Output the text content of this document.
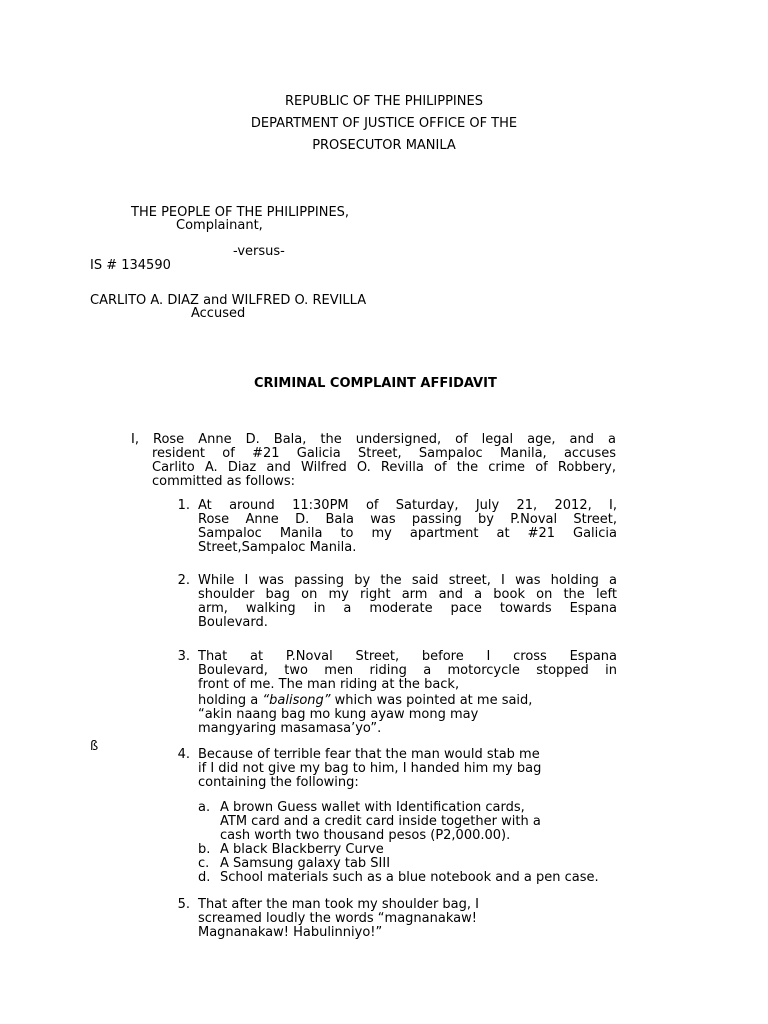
REPUBLIC OF THE PHILIPPINES
DEPARTMENT OF JUSTICE OFFICE OF THE
PROSECUTOR MANILA
THE PEOPLE OF THE PHILIPPINES,
Complainant,
-versus-
IS # 134590
CARLITO A. DIAZ and WILFRED O. REVILLA
Accused
CRIMINAL COMPLAINT AFFIDAVIT
I, Rose Anne D. Bala, the undersigned, of legal age, and a
resident of #21 Galicia Street, Sampaloc Manila, accuses
Carlito A. Diaz and Wilfred O. Revilla of the crime of Robbery,
committed as follows:
1. At around 11:30PM of Saturday, July 21, 2012, I,
Rose Anne D. Bala was passing by P.Noval Street,
Sampaloc Manila to my apartment at #21 Galicia
Street,Sampaloc Manila.
2. While I was passing by the said street, I was holding a
shoulder bag on my right arm and a book on the left
arm, walking in a moderate pace towards Espana
Boulevard.
3. That at P.Noval Street, before I cross Espana
Boulevard, two men riding a motorcycle stopped in
front of me. The man riding at the back,
holding a “balisong” which was pointed at me said,
“akin naang bag mo kung ayaw mong may
mangyaring masamasa’yo”.
ß
4. Because of terrible fear that the man would stab me
if I did not give my bag to him, I handed him my bag
containing the following:
a. A brown Guess wallet with Identification cards,
ATM card and a credit card inside together with a
cash worth two thousand pesos (P2,000.00).
b. A black Blackberry Curve
c. A Samsung galaxy tab SIII
d. School materials such as a blue notebook and a pen case.
5. That after the man took my shoulder bag, I
screamed loudly the words “magnanakaw!
Magnanakaw! Habulinniyo!”
